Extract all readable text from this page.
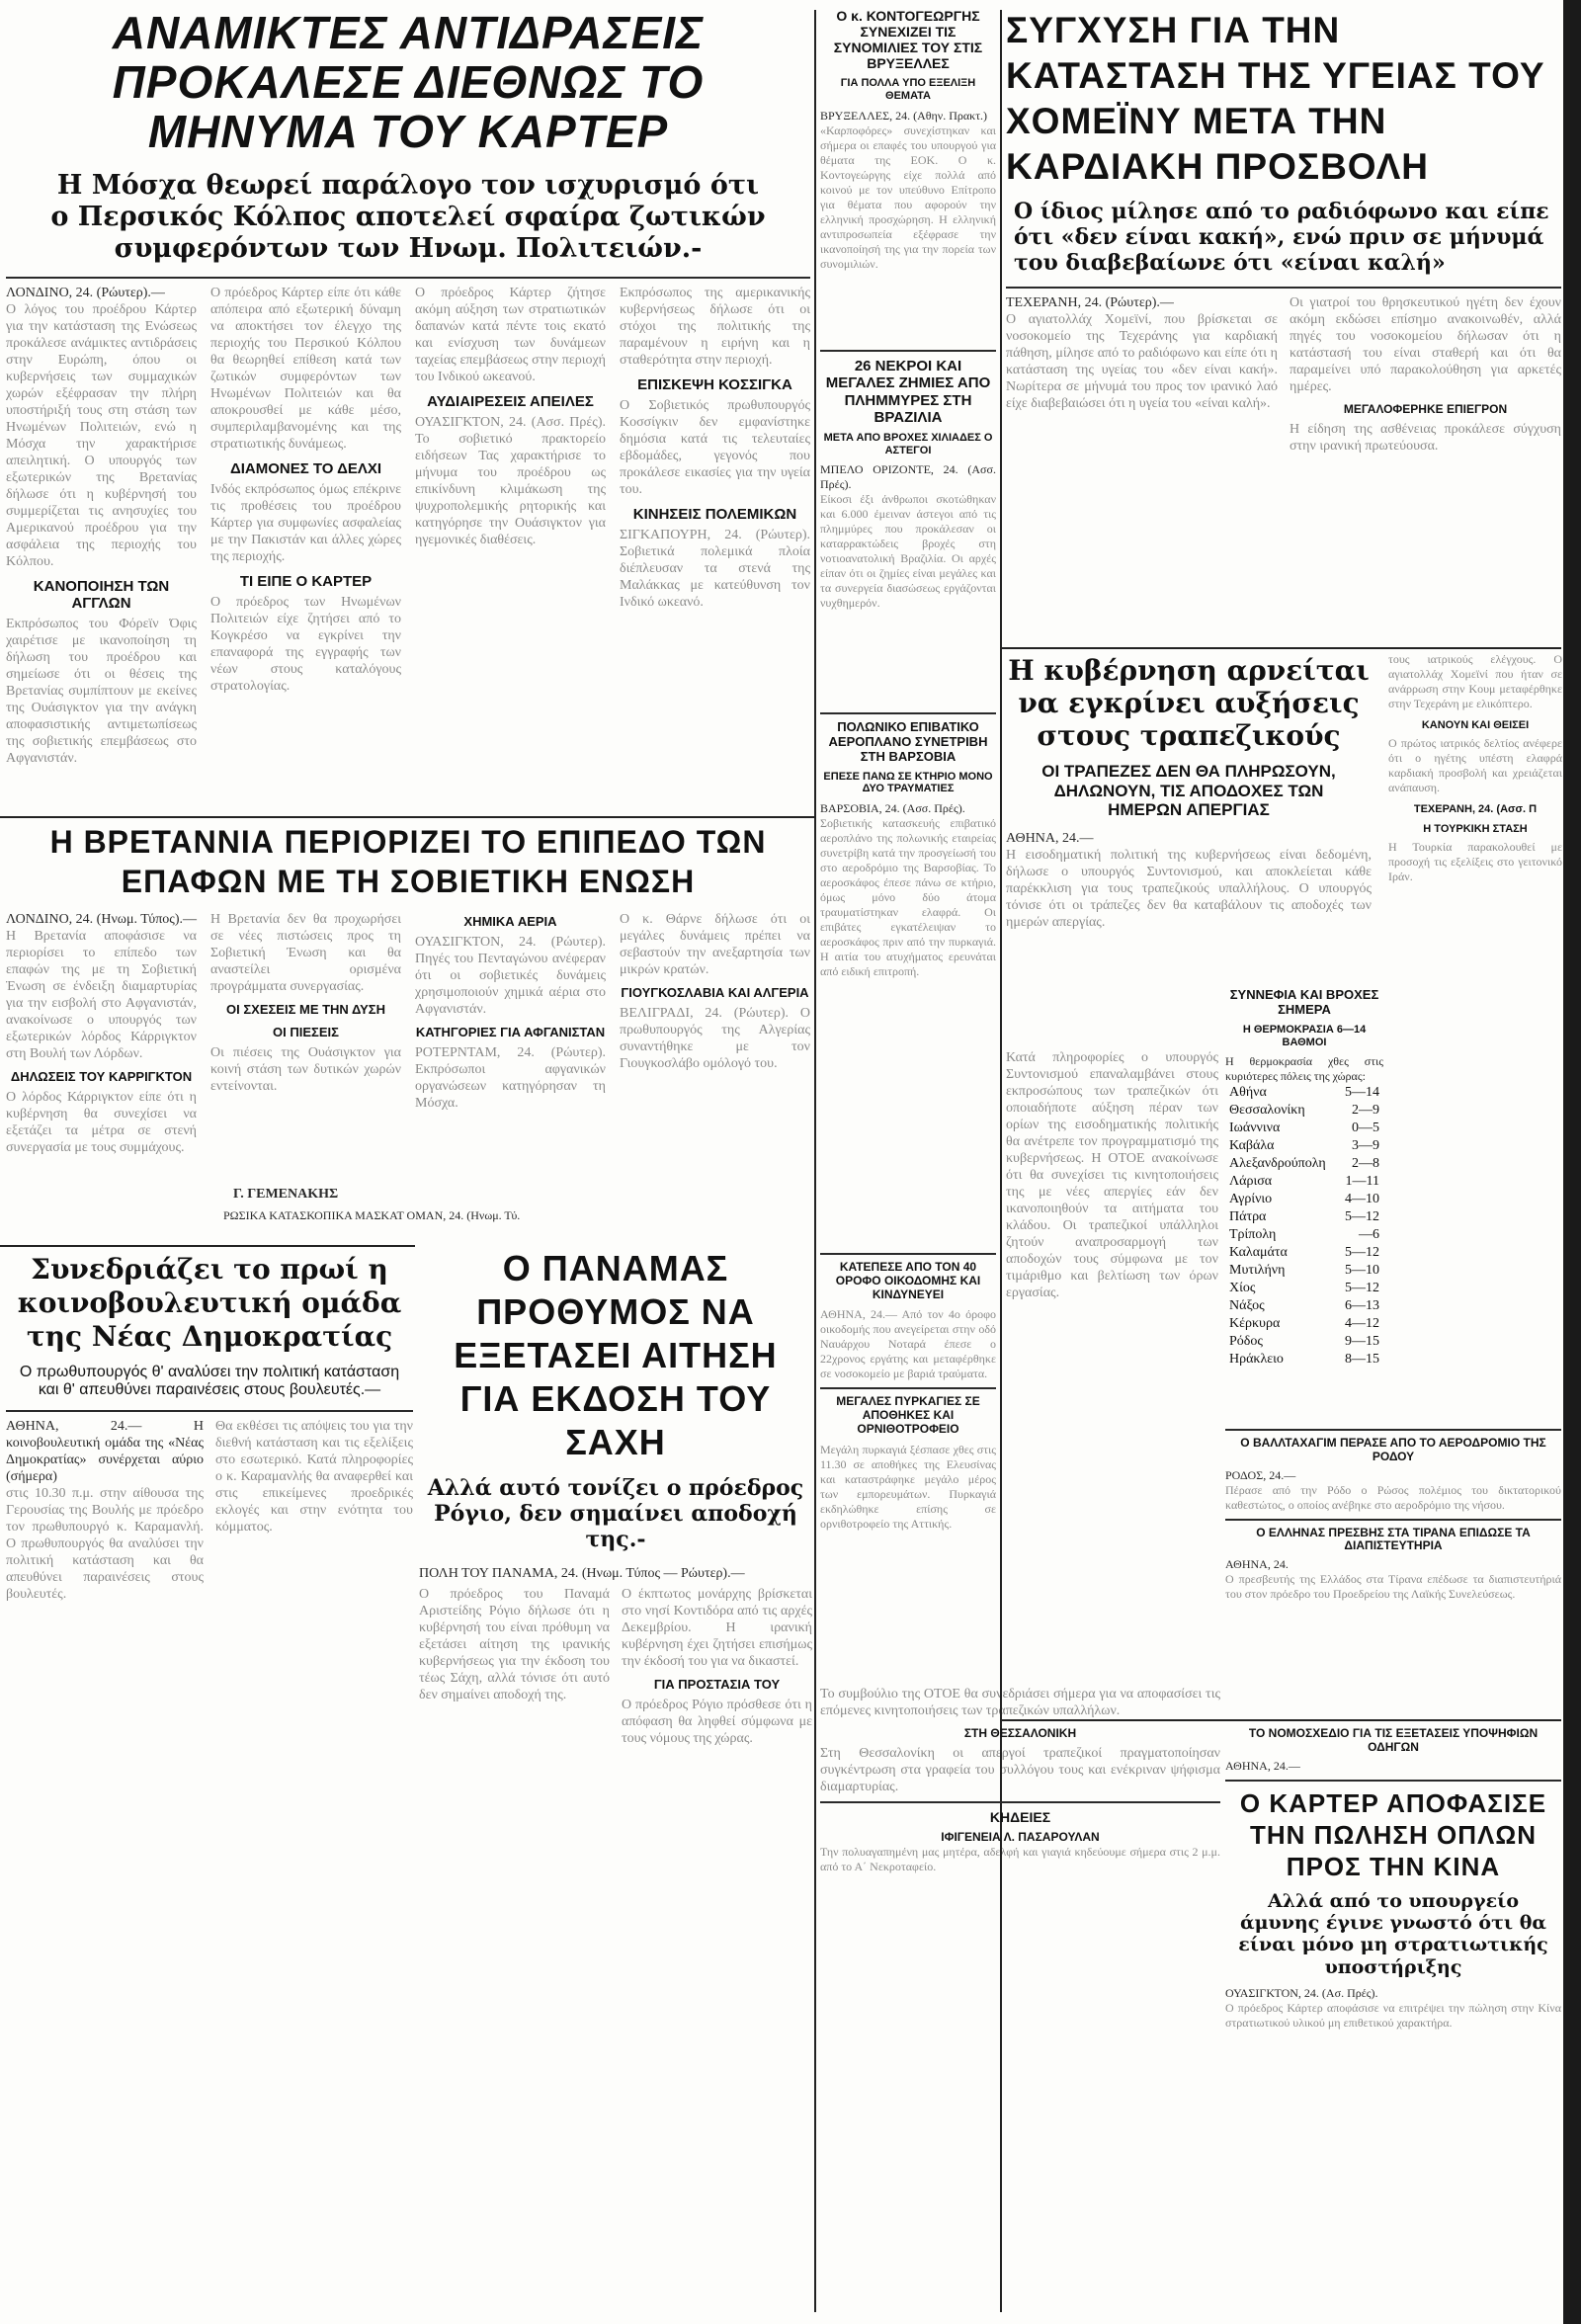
ΑΝΑΜΙΚΤΕΣ ΑΝΤΙΔΡΑΣΕΙΣ ΠΡΟΚΑΛΕΣΕ ΔΙΕΘΝΩΣ ΤΟ ΜΗΝΥΜΑ ΤΟΥ ΚΑΡΤΕΡ
Η Μόσχα θεωρεί παράλογο τον ισχυρισμό ότι ο Περσικός Κόλπος αποτελεί σφαίρα ζωτικών συμφερόντων των Ηνωμ. Πολιτειών.-
ΛΟΝΔΙΝΟ, 24. (Ρώυτερ).—
Ο λόγος του προέδρου Κάρτερ για την κατάσταση της Ενώσεως προκάλεσε ανάμικτες αντιδράσεις στην Ευρώπη, όπου οι κυβερνήσεις των συμμαχικών χωρών εξέφρασαν την πλήρη υποστήριξή τους στη στάση των Ηνωμένων Πολιτειών, ενώ η Μόσχα την χαρακτήρισε απειλητική. Ο υπουργός των εξωτερικών της Βρετανίας δήλωσε ότι η κυβέρνησή του συμμερίζεται τις ανησυχίες του Αμερικανού προέδρου για την ασφάλεια της περιοχής του Κόλπου.
ΚΑΝΟΠΟΙΗΣΗ ΤΩΝ ΑΓΓΛΩΝ
Εκπρόσωπος του Φόρεϊν Όφις χαιρέτισε με ικανοποίηση τη δήλωση του προέδρου και σημείωσε ότι οι θέσεις της Βρετανίας συμπίπτουν με εκείνες της Ουάσιγκτον για την ανάγκη αποφασιστικής αντιμετωπίσεως της σοβιετικής επεμβάσεως στο Αφγανιστάν.
Ο πρόεδρος Κάρτερ είπε ότι κάθε απόπειρα από εξωτερική δύναμη να αποκτήσει τον έλεγχο της περιοχής του Περσικού Κόλπου θα θεωρηθεί επίθεση κατά των ζωτικών συμφερόντων των Ηνωμένων Πολιτειών και θα αποκρουσθεί με κάθε μέσο, συμπεριλαμβανομένης και της στρατιωτικής δυνάμεως.
ΔΙΑΜΟΝΕΣ ΤΟ ΔΕΛΧΙ
Ινδός εκπρόσωπος όμως επέκρινε τις προθέσεις του προέδρου Κάρτερ για συμφωνίες ασφαλείας με την Πακιστάν και άλλες χώρες της περιοχής.
ΤΙ ΕΙΠΕ Ο ΚΑΡΤΕΡ
Ο πρόεδρος των Ηνωμένων Πολιτειών είχε ζητήσει από το Κογκρέσο να εγκρίνει την επαναφορά της εγγραφής των νέων στους καταλόγους στρατολογίας.
Ο πρόεδρος Κάρτερ ζήτησε ακόμη αύξηση των στρατιωτικών δαπανών κατά πέντε τοις εκατό και ενίσχυση των δυνάμεων ταχείας επεμβάσεως στην περιοχή του Ινδικού ωκεανού.
ΑΥΔΙΑΙΡΕΣΕΙΣ ΑΠΕΙΛΕΣ
ΟΥΑΣΙΓΚΤΟΝ, 24. (Ασσ. Πρές). Το σοβιετικό πρακτορείο ειδήσεων Τας χαρακτήρισε το μήνυμα του προέδρου ως επικίνδυνη κλιμάκωση της ψυχροπολεμικής ρητορικής και κατηγόρησε την Ουάσιγκτον για ηγεμονικές διαθέσεις.
Εκπρόσωπος της αμερικανικής κυβερνήσεως δήλωσε ότι οι στόχοι της πολιτικής της παραμένουν η ειρήνη και η σταθερότητα στην περιοχή.
ΕΠΙΣΚΕΨΗ ΚΟΣΣΙΓΚΑ
Ο Σοβιετικός πρωθυπουργός Κοσσίγκιν δεν εμφανίστηκε δημόσια κατά τις τελευταίες εβδομάδες, γεγονός που προκάλεσε εικασίες για την υγεία του.
ΚΙΝΗΣΕΙΣ ΠΟΛΕΜΙΚΩΝ
ΣΙΓΚΑΠΟΥΡΗ, 24. (Ρώυτερ). Σοβιετικά πολεμικά πλοία διέπλευσαν τα στενά της Μαλάκκας με κατεύθυνση τον Ινδικό ωκεανό.
Ο κ. ΚΟΝΤΟΓΕΩΡΓΗΣ ΣΥΝΕΧΙΖΕΙ ΤΙΣ ΣΥΝΟΜΙΛΙΕΣ ΤΟΥ ΣΤΙΣ ΒΡΥΞΕΛΛΕΣ
ΓΙΑ ΠΟΛΛΑ ΥΠΟ ΕΞΕΛΙΞΗ ΘΕΜΑΤΑ
ΒΡΥΞΕΛΛΕΣ, 24. (Αθην. Πρακτ.)
«Καρποφόρες» συνεχίστηκαν και σήμερα οι επαφές του υπουργού για θέματα της ΕΟΚ. Ο κ. Κοντογεώργης είχε πολλά από κοινού με τον υπεύθυνο Επίτροπο για θέματα που αφορούν την ελληνική προσχώρηση. Η ελληνική αντιπροσωπεία εξέφρασε την ικανοποίησή της για την πορεία των συνομιλιών.
26 ΝΕΚΡΟΙ ΚΑΙ ΜΕΓΑΛΕΣ ΖΗΜΙΕΣ ΑΠΟ ΠΛΗΜΜΥΡΕΣ ΣΤΗ ΒΡΑΖΙΛΙΑ
ΜΕΤΑ ΑΠΟ ΒΡΟΧΕΣ ΧΙΛΙΑΔΕΣ Ο ΑΣΤΕΓΟΙ
ΜΠΕΛΟ ΟΡΙΖΟΝΤΕ, 24. (Ασσ. Πρές).
Είκοσι έξι άνθρωποι σκοτώθηκαν και 6.000 έμειναν άστεγοι από τις πλημμύρες που προκάλεσαν οι καταρρακτώδεις βροχές στη νοτιοανατολική Βραζιλία. Οι αρχές είπαν ότι οι ζημίες είναι μεγάλες και τα συνεργεία διασώσεως εργάζονται νυχθημερόν.
ΠΟΛΩΝΙΚΟ ΕΠΙΒΑΤΙΚΟ ΑΕΡΟΠΛΑΝΟ ΣΥΝΕΤΡΙΒΗ ΣΤΗ ΒΑΡΣΟΒΙΑ
ΕΠΕΣΕ ΠΑΝΩ ΣΕ ΚΤΗΡΙΟ ΜΟΝΟ ΔΥΟ ΤΡΑΥΜΑΤΙΕΣ
ΒΑΡΣΟΒΙΑ, 24. (Ασσ. Πρές).
Σοβιετικής κατασκευής επιβατικό αεροπλάνο της πολωνικής εταιρείας συνετρίβη κατά την προσγείωσή του στο αεροδρόμιο της Βαρσοβίας. Το αεροσκάφος έπεσε πάνω σε κτήριο, όμως μόνο δύο άτομα τραυματίστηκαν ελαφρά. Οι επιβάτες εγκατέλειψαν το αεροσκάφος πριν από την πυρκαγιά. Η αιτία του ατυχήματος ερευνάται από ειδική επιτροπή.
ΚΑΤΕΠΕΣΕ ΑΠΟ ΤΟΝ 40 ΟΡΟΦΟ ΟΙΚΟΔΟΜΗΣ ΚΑΙ ΚΙΝΔΥΝΕΥΕΙ
ΑΘΗΝΑ, 24.— Από τον 4ο όροφο οικοδομής που ανεγείρεται στην οδό Ναυάρχου Νοταρά έπεσε ο 22χρονος εργάτης και μεταφέρθηκε σε νοσοκομείο με βαριά τραύματα.
ΜΕΓΑΛΕΣ ΠΥΡΚΑΓΙΕΣ ΣΕ ΑΠΟΘΗΚΕΣ ΚΑΙ ΟΡΝΙΘΟΤΡΟΦΕΙΟ
Μεγάλη πυρκαγιά ξέσπασε χθες στις 11.30 σε αποθήκες της Ελευσίνας και καταστράφηκε μεγάλο μέρος των εμπορευμάτων. Πυρκαγιά εκδηλώθηκε επίσης σε ορνιθοτροφείο της Αττικής.
ΣΥΓΧΥΣΗ ΓΙΑ ΤΗΝ ΚΑΤΑΣΤΑΣΗ ΤΗΣ ΥΓΕΙΑΣ ΤΟΥ ΧΟΜΕΪΝΥ ΜΕΤΑ ΤΗΝ ΚΑΡΔΙΑΚΗ ΠΡΟΣΒΟΛΗ
Ο ίδιος μίλησε από το ραδιόφωνο και είπε ότι «δεν είναι κακή», ενώ πριν σε μήνυμά του διαβεβαίωνε ότι «είναι καλή»
ΤΕΧΕΡΑΝΗ, 24. (Ρώυτερ).—
Ο αγιατολλάχ Χομεϊνί, που βρίσκεται σε νοσοκομείο της Τεχεράνης για καρδιακή πάθηση, μίλησε από το ραδιόφωνο και είπε ότι η κατάσταση της υγείας του «δεν είναι κακή». Νωρίτερα σε μήνυμά του προς τον ιρανικό λαό είχε διαβεβαιώσει ότι η υγεία του «είναι καλή».
Οι γιατροί του θρησκευτικού ηγέτη δεν έχουν ακόμη εκδώσει επίσημο ανακοινωθέν, αλλά πηγές του νοσοκομείου δήλωσαν ότι η κατάστασή του είναι σταθερή και ότι θα παραμείνει υπό παρακολούθηση για αρκετές ημέρες.
ΜΕΓΑΛΟΦΕΡΗΚΕ ΕΠΙΕΓΡΟΝ
Η είδηση της ασθένειας προκάλεσε σύγχυση στην ιρανική πρωτεύουσα.
Η κυβέρνηση αρνείται να εγκρίνει αυξήσεις στους τραπεζικούς
ΟΙ ΤΡΑΠΕΖΕΣ ΔΕΝ ΘΑ ΠΛΗΡΩΣΟΥΝ, ΔΗΛΩΝΟΥΝ, ΤΙΣ ΑΠΟΔΟΧΕΣ ΤΩΝ ΗΜΕΡΩΝ ΑΠΕΡΓΙΑΣ
ΑΘΗΝΑ, 24.—
Η εισοδηματική πολιτική της κυβερνήσεως είναι δεδομένη, δήλωσε ο υπουργός Συντονισμού, και αποκλείεται κάθε παρέκκλιση για τους τραπεζικούς υπαλλήλους. Ο υπουργός τόνισε ότι οι τράπεζες δεν θα καταβάλουν τις αποδοχές των ημερών απεργίας.
ΣΥΝΝΕΦΙΑ ΚΑΙ ΒΡΟΧΕΣ ΣΗΜΕΡΑ
Η ΘΕΡΜΟΚΡΑΣΙΑ 6—14 ΒΑΘΜΟΙ
Η θερμοκρασία χθες στις κυριότερες πόλεις της χώρας:
Αθήνα	5—14
Θεσσαλονίκη	2—9
Ιωάννινα	0—5
Καβάλα	3—9
Αλεξανδρούπολη	2—8
Λάρισα	1—11
Αγρίνιο	4—10
Πάτρα	5—12
Τρίπολη	—6
Καλαμάτα	5—12
Μυτιλήνη	5—10
Χίος	5—12
Νάξος	6—13
Κέρκυρα	4—12
Ρόδος	9—15
Ηράκλειο	8—15
Κατά πληροφορίες ο υπουργός Συντονισμού επαναλαμβάνει στους εκπροσώπους των τραπεζικών ότι οποιαδήποτε αύξηση πέραν των ορίων της εισοδηματικής πολιτικής θα ανέτρεπε τον προγραμματισμό της κυβερνήσεως. Η ΟΤΟΕ ανακοίνωσε ότι θα συνεχίσει τις κινητοποιήσεις της με νέες απεργίες εάν δεν ικανοποιηθούν τα αιτήματα του κλάδου. Οι τραπεζικοί υπάλληλοι ζητούν αναπροσαρμογή των αποδοχών τους σύμφωνα με τον τιμάριθμο και βελτίωση των όρων εργασίας.
Ο ΒΑΛΛΤΑΧΑΓΙΜ ΠΕΡΑΣΕ ΑΠΟ ΤΟ ΑΕΡΟΔΡΟΜΙΟ ΤΗΣ ΡΟΔΟΥ
ΡΟΔΟΣ, 24.—
Πέρασε από την Ρόδο ο Ρώσος πολέμιος του δικτατορικού καθεστώτος, ο οποίος ανέβηκε στο αεροδρόμιο της νήσου.
Ο ΕΛΛΗΝΑΣ ΠΡΕΣΒΗΣ ΣΤΑ ΤΙΡΑΝΑ ΕΠΙΔΩΣΕ ΤΑ ΔΙΑΠΙΣΤΕΥΤΗΡΙΑ
ΑΘΗΝΑ, 24.
Ο πρεσβευτής της Ελλάδος στα Τίρανα επέδωσε τα διαπιστευτήριά του στον πρόεδρο του Προεδρείου της Λαϊκής Συνελεύσεως.
ΤΟ ΝΟΜΟΣΧΕΔΙΟ ΓΙΑ ΤΙΣ ΕΞΕΤΑΣΕΙΣ ΥΠΟΨΗΦΙΩΝ ΟΔΗΓΩΝ
ΑΘΗΝΑ, 24.—
Ο ΚΑΡΤΕΡ ΑΠΟΦΑΣΙΣΕ ΤΗΝ ΠΩΛΗΣΗ ΟΠΛΩΝ ΠΡΟΣ ΤΗΝ ΚΙΝΑ
Αλλά από το υπουργείο άμυνης έγινε γνωστό ότι θα είναι μόνο μη στρατιωτικής υποστήριξης
ΟΥΑΣΙΓΚΤΟΝ, 24. (Ασ. Πρές).
Ο πρόεδρος Κάρτερ αποφάσισε να επιτρέψει την πώληση στην Κίνα στρατιωτικού υλικού μη επιθετικού χαρακτήρα.
Η ΒΡΕΤΑΝΝΙΑ ΠΕΡΙΟΡΙΖΕΙ ΤΟ ΕΠΙΠΕΔΟ ΤΩΝ ΕΠΑΦΩΝ ΜΕ ΤΗ ΣΟΒΙΕΤΙΚΗ ΕΝΩΣΗ
ΛΟΝΔΙΝΟ, 24. (Ηνωμ. Τύπος).—
Η Βρετανία αποφάσισε να περιορίσει το επίπεδο των επαφών της με τη Σοβιετική Ένωση σε ένδειξη διαμαρτυρίας για την εισβολή στο Αφγανιστάν, ανακοίνωσε ο υπουργός των εξωτερικών λόρδος Κάρριγκτον στη Βουλή των Λόρδων.
ΔΗΛΩΣΕΙΣ ΤΟΥ ΚΑΡΡΙΓΚΤΟΝ
Ο λόρδος Κάρριγκτον είπε ότι η κυβέρνηση θα συνεχίσει να εξετάζει τα μέτρα σε στενή συνεργασία με τους συμμάχους.
Η Βρετανία δεν θα προχωρήσει σε νέες πιστώσεις προς τη Σοβιετική Ένωση και θα αναστείλει ορισμένα προγράμματα συνεργασίας.
ΟΙ ΣΧΕΣΕΙΣ ΜΕ ΤΗΝ ΔΥΣΗ
ΟΙ ΠΙΕΣΕΙΣ
Οι πιέσεις της Ουάσιγκτον για κοινή στάση των δυτικών χωρών εντείνονται.
ΧΗΜΙΚΑ ΑΕΡΙΑ
ΟΥΑΣΙΓΚΤΟΝ, 24. (Ρώυτερ). Πηγές του Πενταγώνου ανέφεραν ότι οι σοβιετικές δυνάμεις χρησιμοποιούν χημικά αέρια στο Αφγανιστάν.
ΚΑΤΗΓΟΡΙΕΣ ΓΙΑ ΑΦΓΑΝΙΣΤΑΝ
ΡΟΤΕΡΝΤΑΜ, 24. (Ρώυτερ). Εκπρόσωποι αφγανικών οργανώσεων κατηγόρησαν τη Μόσχα.
Ο κ. Θάρνε δήλωσε ότι οι μεγάλες δυνάμεις πρέπει να σεβαστούν την ανεξαρτησία των μικρών κρατών.
ΓΙΟΥΓΚΟΣΛΑΒΙΑ ΚΑΙ ΑΛΓΕΡΙΑ
ΒΕΛΙΓΡΑΔΙ, 24. (Ρώυτερ). Ο πρωθυπουργός της Αλγερίας συναντήθηκε με τον Γιουγκοσλάβο ομόλογό του.
Γ. ΓΕΜΕΝΑΚΗΣ
ΡΩΣΙΚΑ ΚΑΤΑΣΚΟΠΙΚΑ ΜΑΣΚΑΤ ΟΜΑΝ, 24. (Ηνωμ. Τύ.
Συνεδριάζει το πρωί η κοινοβουλευτική ομάδα της Νέας Δημοκρατίας
Ο πρωθυπουργός θ' αναλύσει την πολιτική κατάσταση και θ' απευθύνει παραινέσεις στους βουλευτές.—
ΑΘΗΝΑ, 24.— Η κοινοβουλευτική ομάδα της «Νέας Δημοκρατίας» συνέρχεται αύριο (σήμερα)
στις 10.30 π.μ. στην αίθουσα της Γερουσίας της Βουλής με πρόεδρο τον πρωθυπουργό κ. Καραμανλή. Ο πρωθυπουργός θα αναλύσει την πολιτική κατάσταση και θα απευθύνει παραινέσεις στους βουλευτές.
Θα εκθέσει τις απόψεις του για την διεθνή κατάσταση και τις εξελίξεις στο εσωτερικό. Κατά πληροφορίες ο κ. Καραμανλής θα αναφερθεί και στις επικείμενες προεδρικές εκλογές και στην ενότητα του κόμματος.
Ο ΠΑΝΑΜΑΣ ΠΡΟΘΥΜΟΣ ΝΑ ΕΞΕΤΑΣΕΙ ΑΙΤΗΣΗ ΓΙΑ ΕΚΔΟΣΗ ΤΟΥ ΣΑΧΗ
Αλλά αυτό τονίζει ο πρόεδρος Ρόγιο, δεν σημαίνει αποδοχή της.-
ΠΟΛΗ ΤΟΥ ΠΑΝΑΜΑ, 24. (Ηνωμ. Τύπος — Ρώυτερ).—
Ο πρόεδρος του Παναμά Αριστείδης Ρόγιο δήλωσε ότι η κυβέρνησή του είναι πρόθυμη να εξετάσει αίτηση της ιρανικής κυβερνήσεως για την έκδοση του τέως Σάχη, αλλά τόνισε ότι αυτό δεν σημαίνει αποδοχή της.
Ο έκπτωτος μονάρχης βρίσκεται στο νησί Κοντιδόρα από τις αρχές Δεκεμβρίου. Η ιρανική κυβέρνηση έχει ζητήσει επισήμως την έκδοσή του για να δικαστεί.
ΓΙΑ ΠΡΟΣΤΑΣΙΑ ΤΟΥ
Ο πρόεδρος Ρόγιο πρόσθεσε ότι η απόφαση θα ληφθεί σύμφωνα με τους νόμους της χώρας.
Το συμβούλιο της ΟΤΟΕ θα συνεδριάσει σήμερα για να αποφασίσει τις επόμενες κινητοποιήσεις των τραπεζικών υπαλλήλων.
ΣΤΗ ΘΕΣΣΑΛΟΝΙΚΗ
Στη Θεσσαλονίκη οι απεργοί τραπεζικοί πραγματοποίησαν συγκέντρωση στα γραφεία του συλλόγου τους και ενέκριναν ψήφισμα διαμαρτυρίας.
ΚΗΔΕΙΕΣ
ΙΦΙΓΕΝΕΙΑ Λ. ΠΑΣΑΡΟΥΛΑΝ
Την πολυαγαπημένη μας μητέρα, αδελφή και γιαγιά κηδεύουμε σήμερα στις 2 μ.μ. από το Α΄ Νεκροταφείο.
τους ιατρικούς ελέγχους. Ο αγιατολλάχ Χομεϊνί που ήταν σε ανάρρωση στην Κουμ μεταφέρθηκε στην Τεχεράνη με ελικόπτερο.
ΚΑΝΟΥΝ ΚΑΙ ΘΕΙΣΕΙ
Ο πρώτος ιατρικός δελτίος ανέφερε ότι ο ηγέτης υπέστη ελαφρά καρδιακή προσβολή και χρειάζεται ανάπαυση.
ΤΕΧΕΡΑΝΗ, 24. (Ασσ. Π
Η ΤΟΥΡΚΙΚΗ ΣΤΑΣΗ
Η Τουρκία παρακολουθεί με προσοχή τις εξελίξεις στο γειτονικό Ιράν.
